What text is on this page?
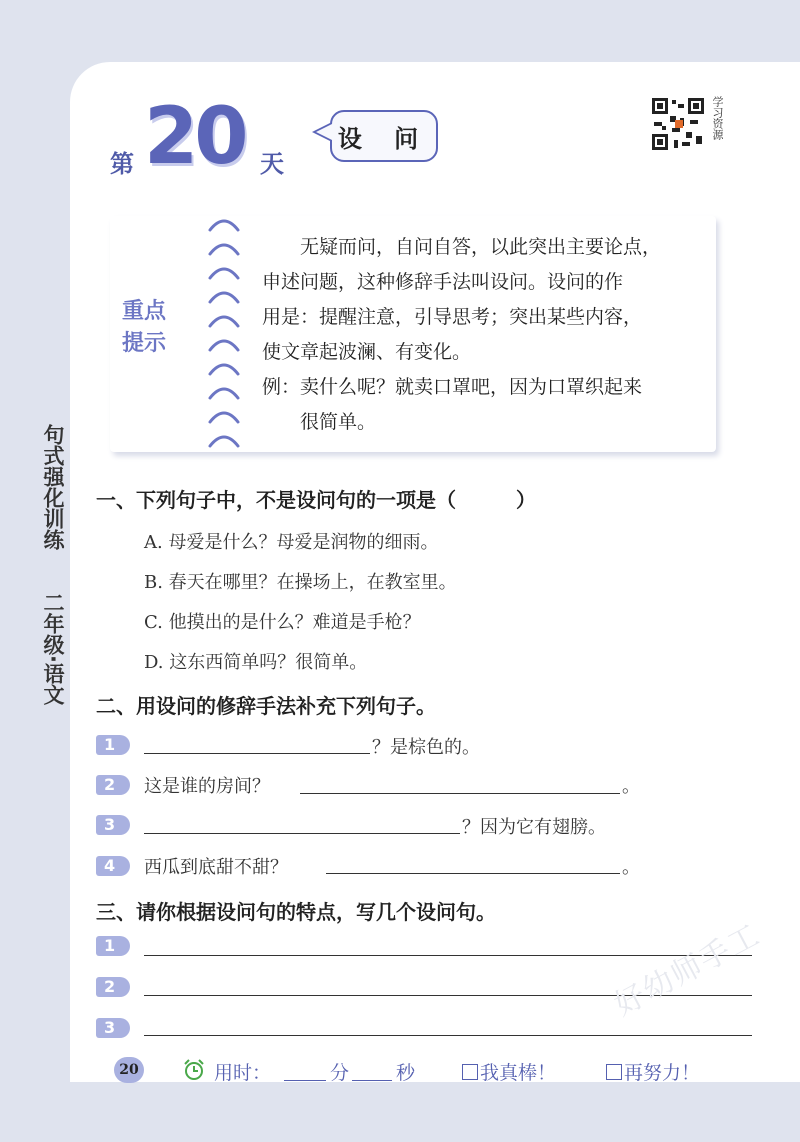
句式强化训练
二年级·语文
第 20 天
设 问	学习资源
重点
提示

　　无疑而问，自问自答，以此突出主要论点，

申述问题，这种修辞手法叫设问。设问的作

用是：提醒注意，引导思考；突出某些内容，

使文章起波澜、有变化。

例：卖什么呢？就卖口罩吧，因为口罩织起来

　　很简单。

一、下列句子中，不是设问句的一项是（　　　）
A. 母爱是什么？母爱是润物的细雨。
B. 春天在哪里？在操场上，在教室里。
C. 他摸出的是什么？难道是手枪？
D. 这东西简单吗？很简单。
二、用设问的修辞手法补充下列句子。
1	？是棕色的。
2	这是谁的房间？	。
3	？因为它有翅膀。
4	西瓜到底甜不甜？	。
三、请你根据设问句的特点，写几个设问句。
1
2
3
好幼师手工
20	用时：	分 秒	我真棒！	再努力！
